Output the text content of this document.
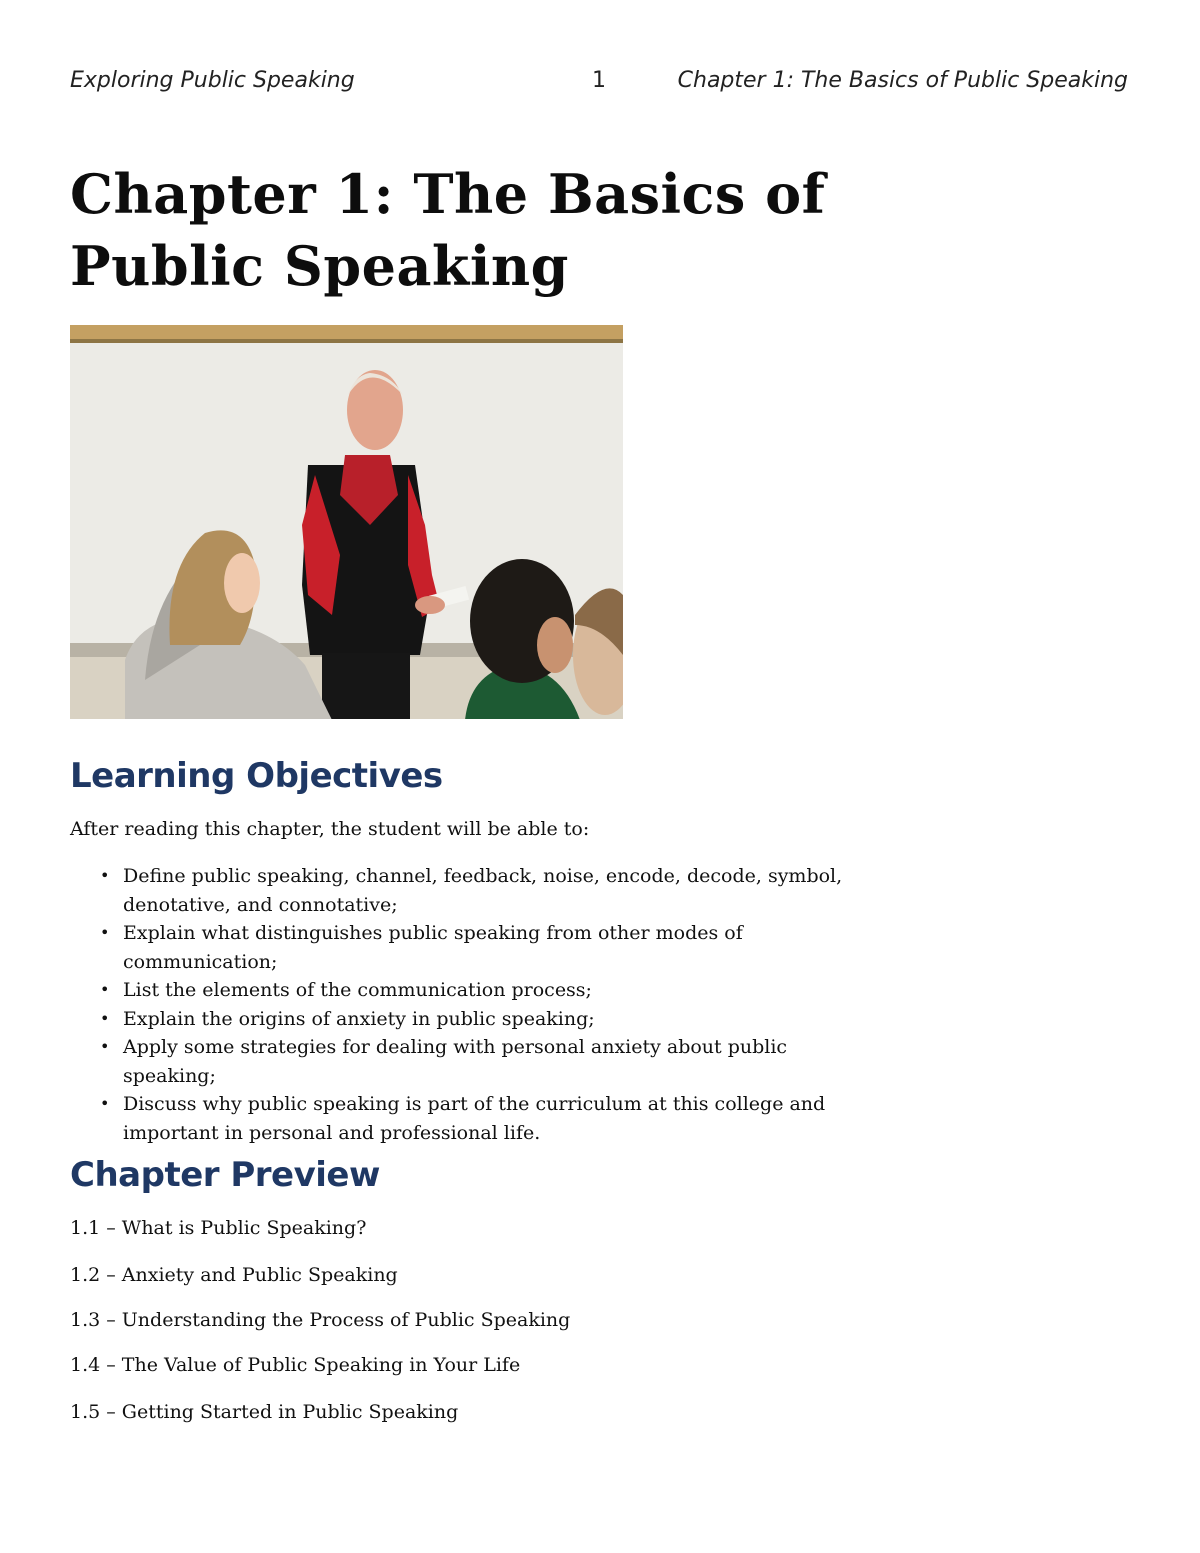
Exploring Public Speaking	1	Chapter 1: The Basics of Public Speaking
Chapter 1: The Basics of Public Speaking
Learning Objectives

After reading this chapter, the student will be able to:

• Define public speaking, channel, feedback, noise, encode, decode, symbol, denotative, and connotative;
• Explain what distinguishes public speaking from other modes of communication;
• List the elements of the communication process;
• Explain the origins of anxiety in public speaking;
• Apply some strategies for dealing with personal anxiety about public speaking;
• Discuss why public speaking is part of the curriculum at this college and important in personal and professional life.
Chapter Preview

1.1 – What is Public Speaking?

1.2 – Anxiety and Public Speaking

1.3 – Understanding the Process of Public Speaking

1.4 – The Value of Public Speaking in Your Life

1.5 – Getting Started in Public Speaking
